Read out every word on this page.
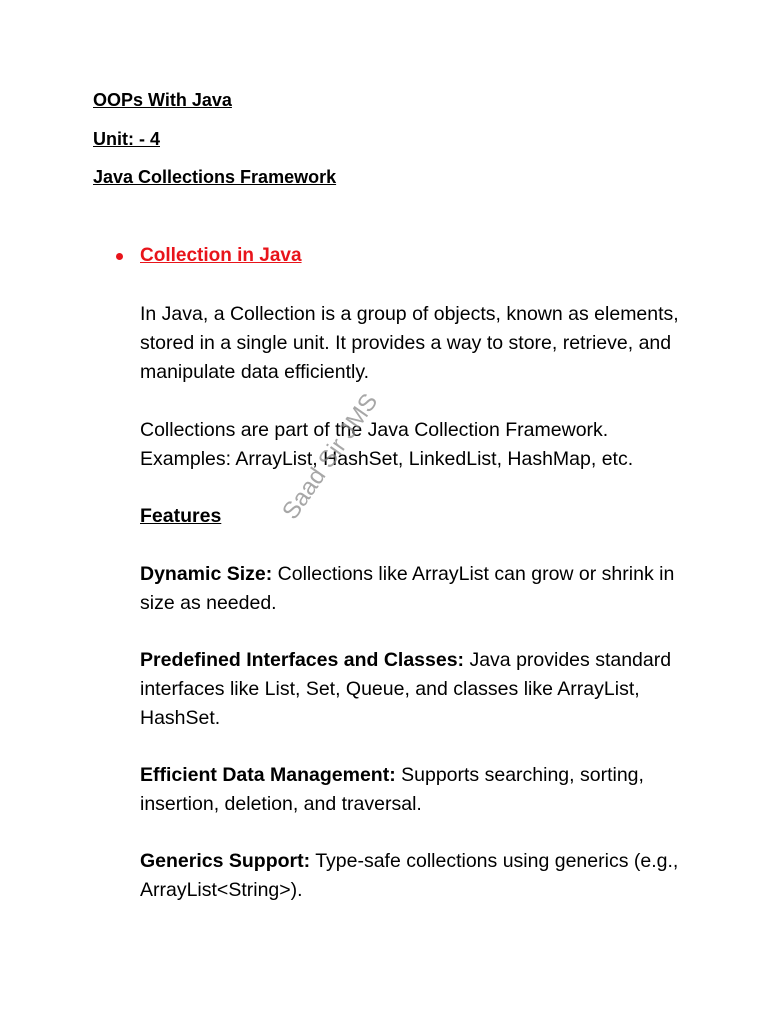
OOPs With Java
Unit: - 4
Java Collections Framework
Collection in Java
In Java, a Collection is a group of objects, known as elements, stored in a single unit. It provides a way to store, retrieve, and manipulate data efficiently.
Collections are part of the Java Collection Framework. Examples: ArrayList, HashSet, LinkedList, HashMap, etc.
Features
Dynamic Size: Collections like ArrayList can grow or shrink in size as needed.
Predefined Interfaces and Classes: Java provides standard interfaces like List, Set, Queue, and classes like ArrayList, HashSet.
Efficient Data Management: Supports searching, sorting, insertion, deletion, and traversal.
Generics Support: Type-safe collections using generics (e.g., ArrayList<String>).
Saad Sir JMS
